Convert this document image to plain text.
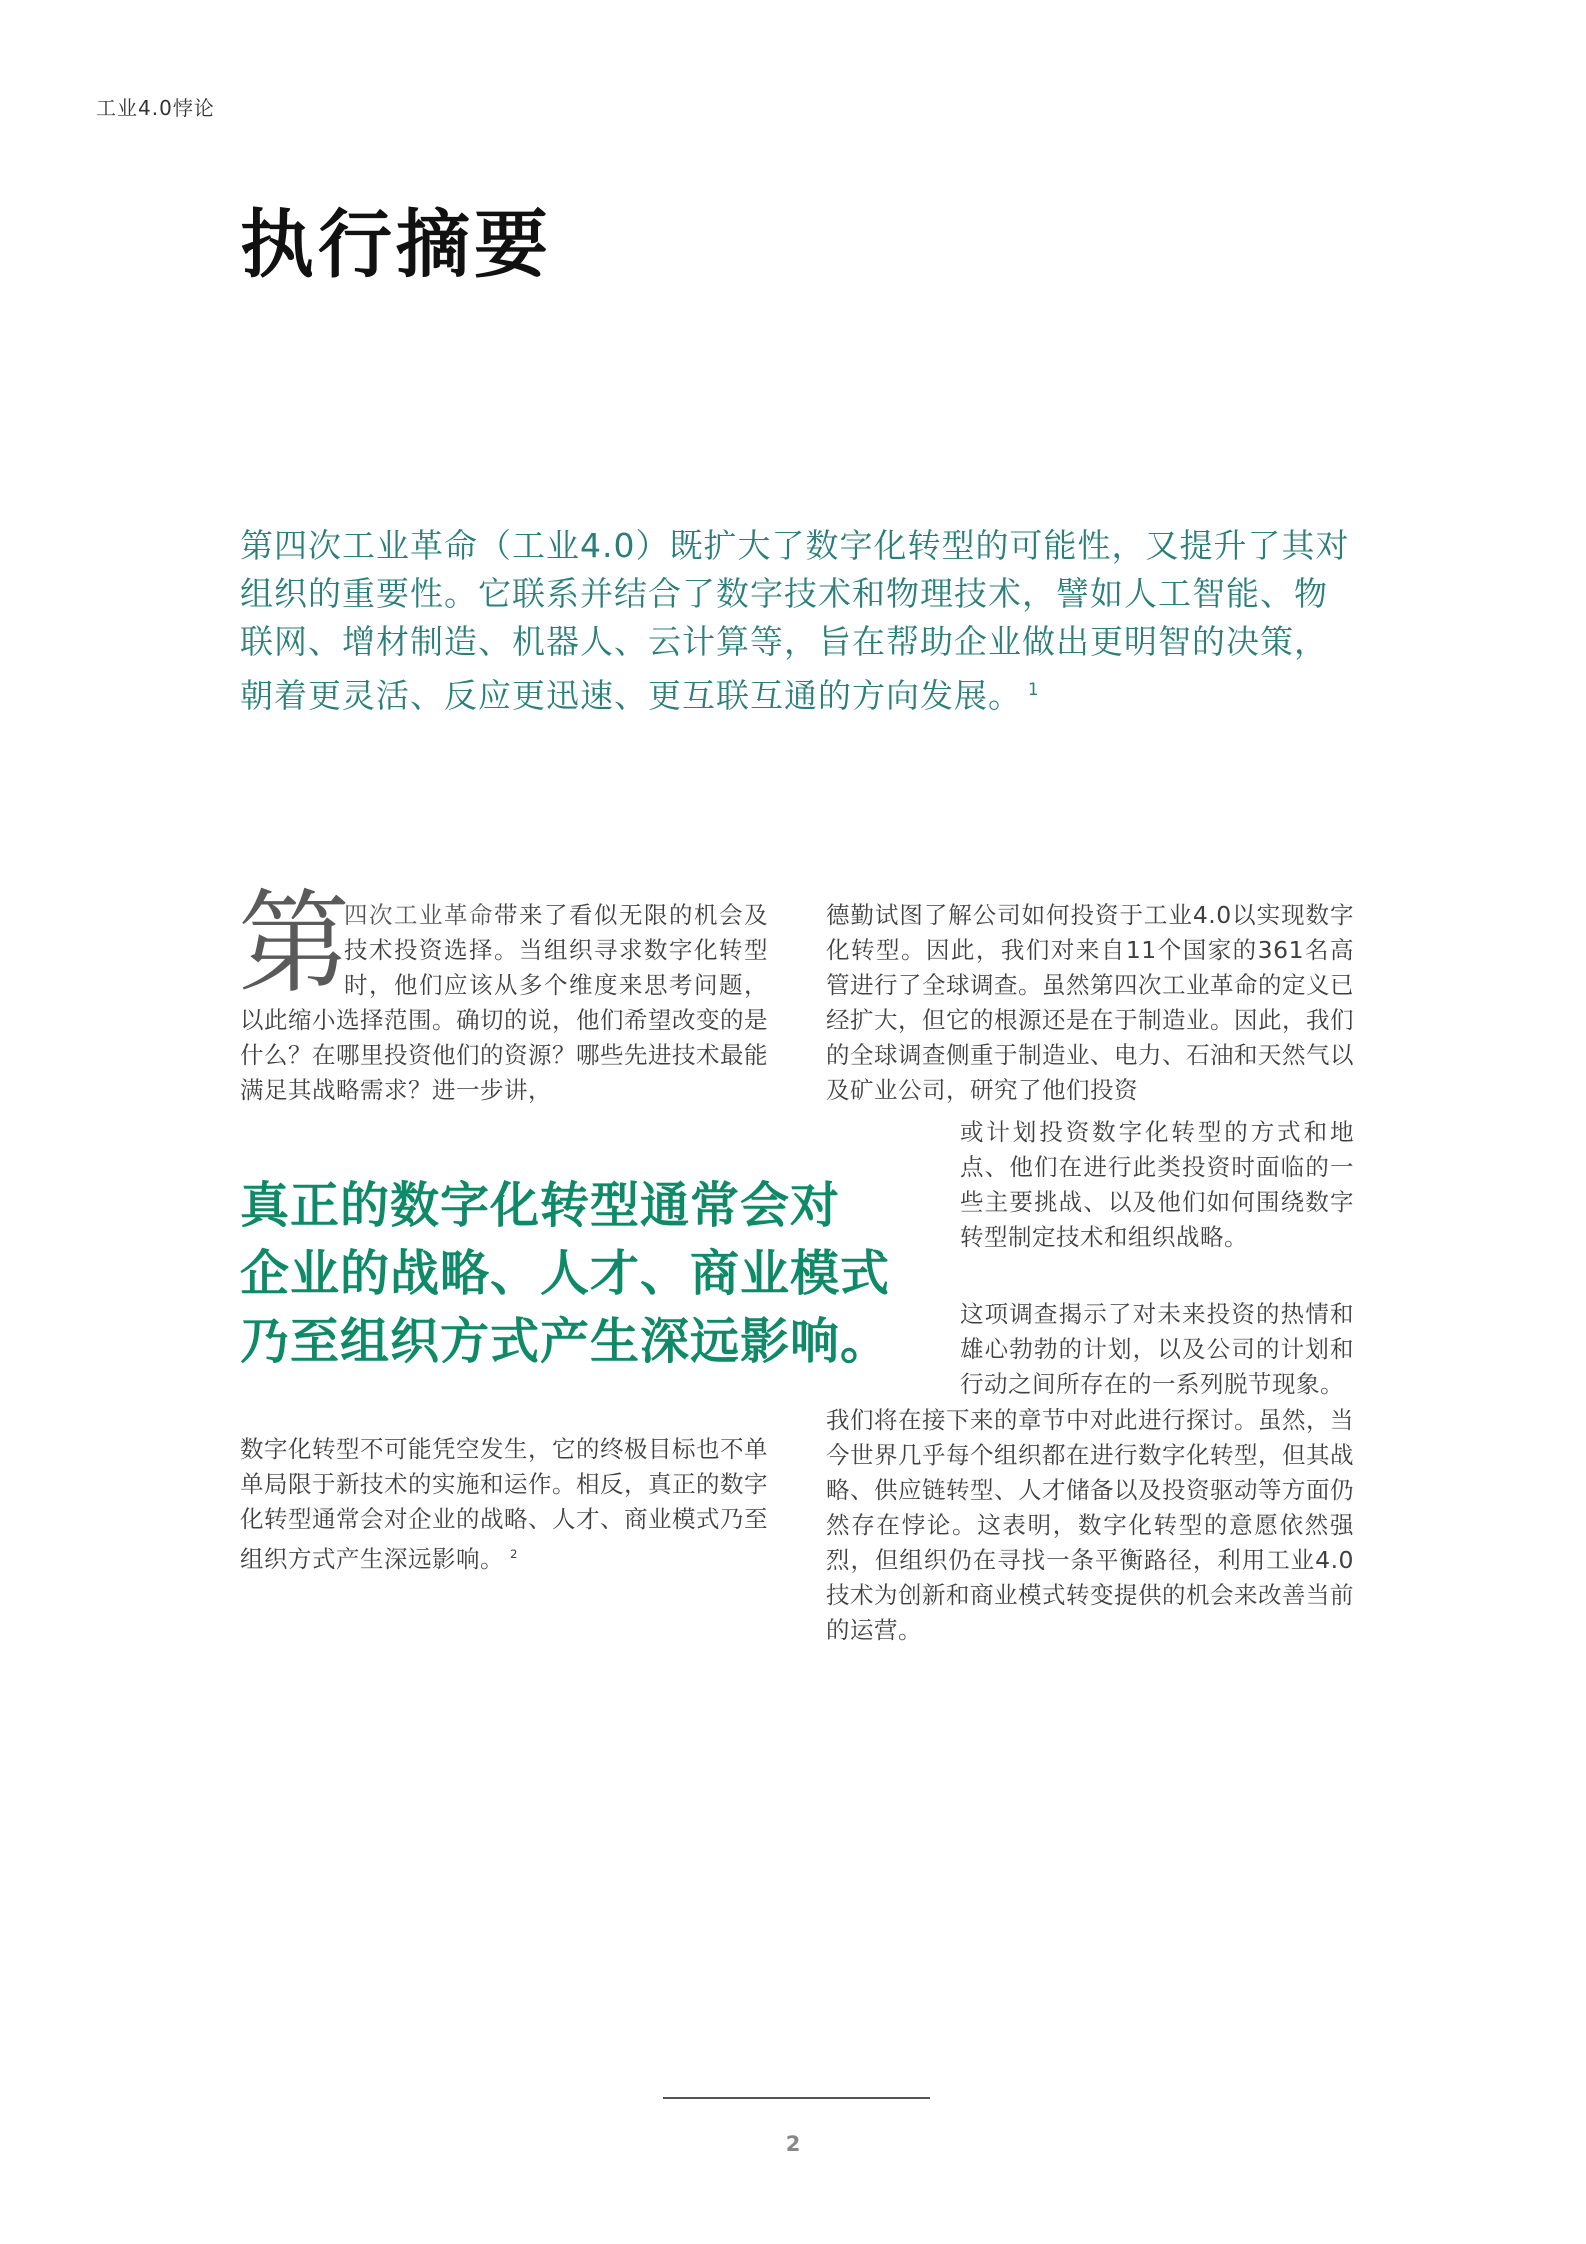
工业4.0悖论
执行摘要

第四次工业革命（工业4.0）既扩大了数字化转型的可能性，又提升了其对组织的重要性。它联系并结合了数字技术和物理技术，譬如人工智能、物联网、增材制造、机器人、云计算等，旨在帮助企业做出更明智的决策，朝着更灵活、反应更迅速、更互联互通的方向发展。 $^1$

第

四次工业革命带来了看似无限的机会及技术投资选择。当组织寻求数字化转型时，他们应该从多个维度来思考问题，以此缩小选择范围。确切的说，他们希望改变的是什么？在哪里投资他们的资源？哪些先进技术最能满足其战略需求？进一步讲，

真正的数字化转型通常会对
企业的战略、人才、商业模式
乃至组织方式产生深远影响。

数字化转型不可能凭空发生，它的终极目标也不单单局限于新技术的实施和运作。相反，真正的数字化转型通常会对企业的战略、人才、商业模式乃至组织方式产生深远影响。 $^2$

德勤试图了解公司如何投资于工业4.0以实现数字化转型。因此，我们对来自11个国家的361名高管进行了全球调查。虽然第四次工业革命的定义已经扩大，但它的根源还是在于制造业。因此，我们的全球调查侧重于制造业、电力、石油和天然气以及矿业公司，研究了他们投资

或计划投资数字化转型的方式和地点、他们在进行此类投资时面临的一些主要挑战、以及他们如何围绕数字转型制定技术和组织战略。

这项调查揭示了对未来投资的热情和雄心勃勃的计划，以及公司的计划和行动之间所存在的一系列脱节现象。

我们将在接下来的章节中对此进行探讨。虽然，当今世界几乎每个组织都在进行数字化转型，但其战略、供应链转型、人才储备以及投资驱动等方面仍然存在悖论。这表明，数字化转型的意愿依然强烈，但组织仍在寻找一条平衡路径，利用工业4.0技术为创新和商业模式转变提供的机会来改善当前的运营。

2
